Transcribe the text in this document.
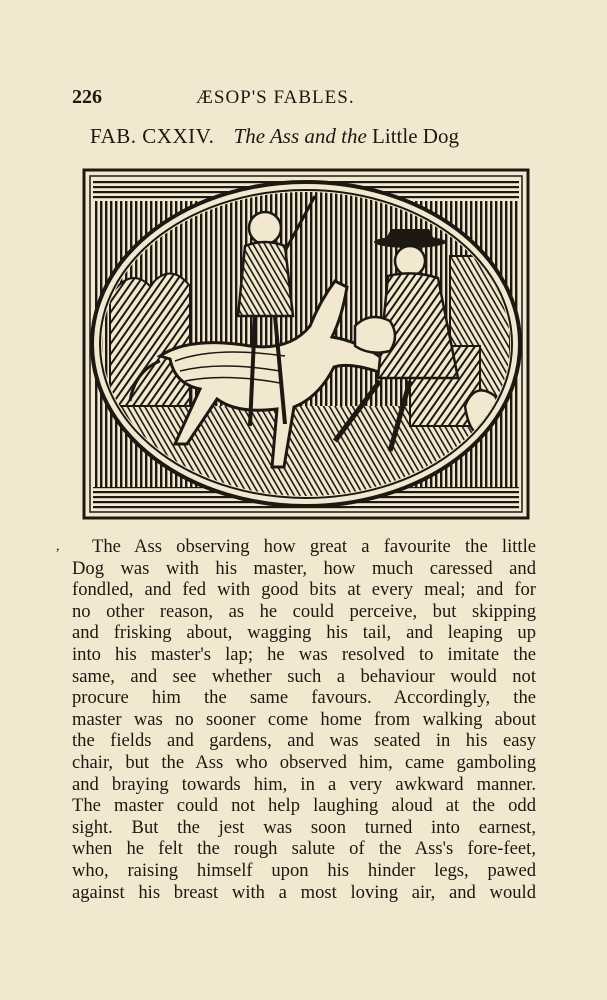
226	ÆSOP'S FABLES.
FAB. CXXIV. The Ass and the Little Dog
,	The Ass observing how great a favourite the little
Dog was with his master, how much caressed and
fondled, and fed with good bits at every meal; and for
no other reason, as he could perceive, but skipping
and frisking about, wagging his tail, and leaping up
into his master's lap; he was resolved to imitate the
same, and see whether such a behaviour would not
procure him the same favours. Accordingly, the
master was no sooner come home from walking about
the fields and gardens, and was seated in his easy
chair, but the Ass who observed him, came gamboling
and braying towards him, in a very awkward manner.
The master could not help laughing aloud at the odd
sight. But the jest was soon turned into earnest,
when he felt the rough salute of the Ass's fore-feet,
who, raising himself upon his hinder legs, pawed
against his breast with a most loving air, and would
